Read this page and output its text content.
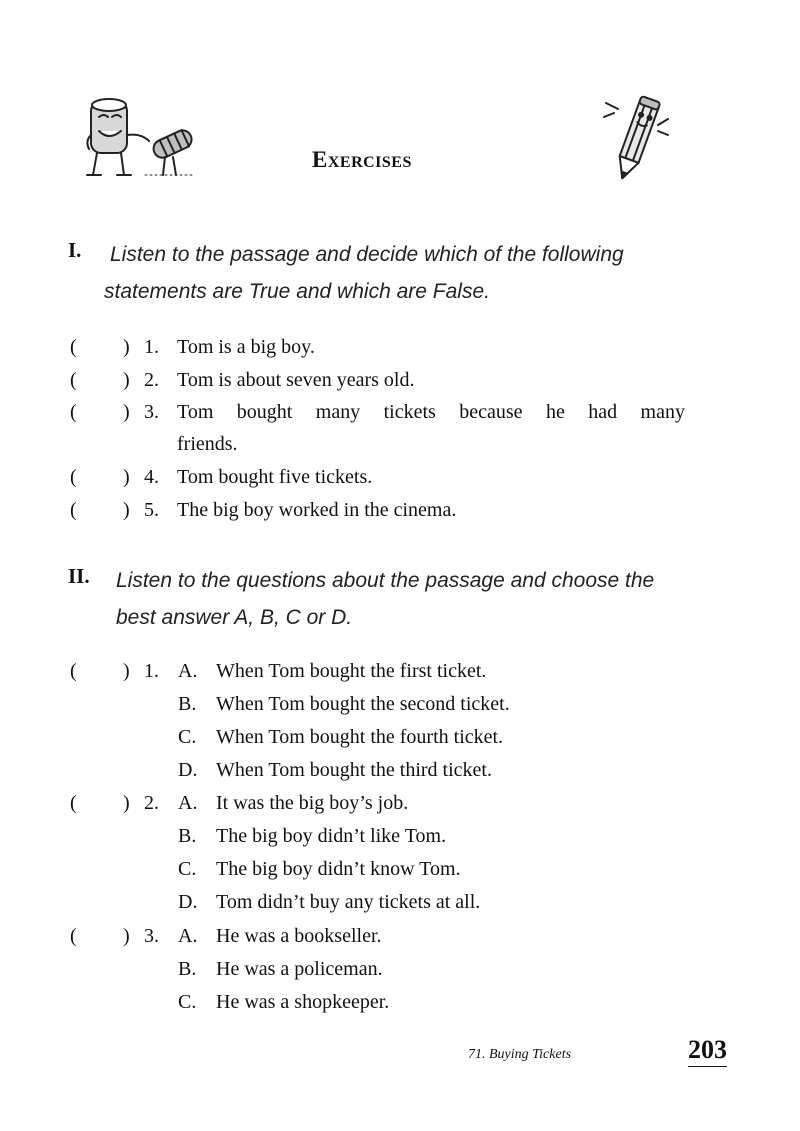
Exercises
I. Listen to the passage and decide which of the following
statements are True and which are False.
( ) 1. Tom is a big boy.
( ) 2. Tom is about seven years old.
( ) 3. Tom bought many tickets because he had many
friends.
( ) 4. Tom bought five tickets.
( ) 5. The big boy worked in the cinema.
II. Listen to the questions about the passage and choose the
best answer A, B, C or D.
( ) 1. A. When Tom bought the first ticket.
B. When Tom bought the second ticket.
C. When Tom bought the fourth ticket.
D. When Tom bought the third ticket.
( ) 2. A. It was the big boy’s job.
B. The big boy didn’t like Tom.
C. The big boy didn’t know Tom.
D. Tom didn’t buy any tickets at all.
( ) 3. A. He was a bookseller.
B. He was a policeman.
C. He was a shopkeeper.
71. Buying Tickets	203
